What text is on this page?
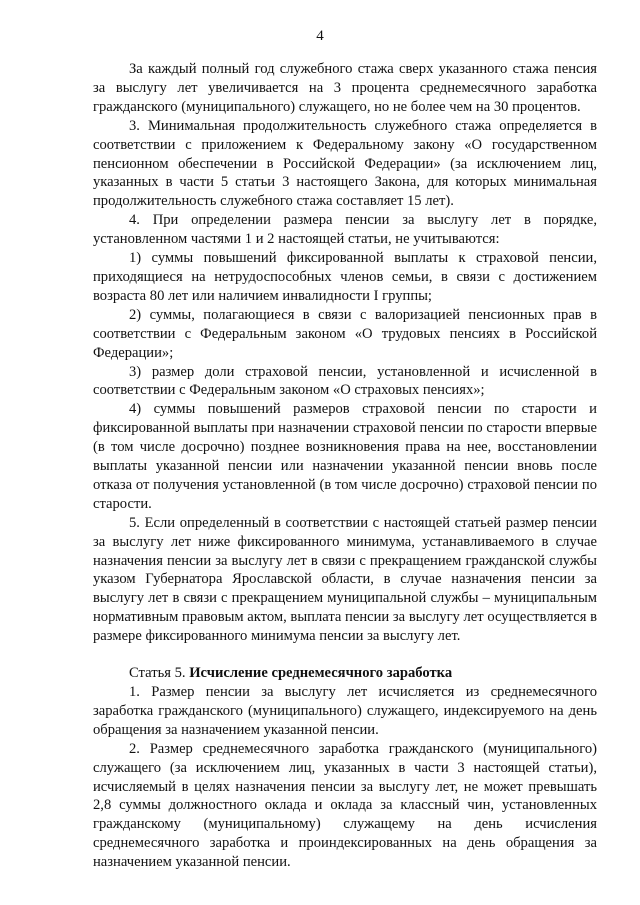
4

За каждый полный год служебного стажа сверх указанного стажа пенсия за выслугу лет увеличивается на 3 процента среднемесячного заработка гражданского (муниципального) служащего, но не более чем на 30 процентов.

3. Минимальная продолжительность служебного стажа определяется в соответствии с приложением к Федеральному закону «О государственном пенсионном обеспечении в Российской Федерации» (за исключением лиц, указанных в части 5 статьи 3 настоящего Закона, для которых минимальная продолжительность служебного стажа составляет 15 лет).

4. При определении размера пенсии за выслугу лет в порядке, установленном частями 1 и 2 настоящей статьи, не учитываются:

1) суммы повышений фиксированной выплаты к страховой пенсии, приходящиеся на нетрудоспособных членов семьи, в связи с достижением возраста 80 лет или наличием инвалидности I группы;

2) суммы, полагающиеся в связи с валоризацией пенсионных прав в соответствии с Федеральным законом «О трудовых пенсиях в Российской Федерации»;

3) размер доли страховой пенсии, установленной и исчисленной в соответствии с Федеральным законом «О страховых пенсиях»;

4) суммы повышений размеров страховой пенсии по старости и фиксированной выплаты при назначении страховой пенсии по старости впервые (в том числе досрочно) позднее возникновения права на нее, восстановлении выплаты указанной пенсии или назначении указанной пенсии вновь после отказа от получения установленной (в том числе досрочно) страховой пенсии по старости.

5. Если определенный в соответствии с настоящей статьей размер пенсии за выслугу лет ниже фиксированного минимума, устанавливаемого в случае назначения пенсии за выслугу лет в связи с прекращением гражданской службы указом Губернатора Ярославской области, в случае назначения пенсии за выслугу лет в связи с прекращением муниципальной службы – муниципальным нормативным правовым актом, выплата пенсии за выслугу лет осуществляется в размере фиксированного минимума пенсии за выслугу лет.

Статья 5. Исчисление среднемесячного заработка

1. Размер пенсии за выслугу лет исчисляется из среднемесячного заработка гражданского (муниципального) служащего, индексируемого на день обращения за назначением указанной пенсии.

2. Размер среднемесячного заработка гражданского (муниципального) служащего (за исключением лиц, указанных в части 3 настоящей статьи), исчисляемый в целях назначения пенсии за выслугу лет, не может превышать 2,8 суммы должностного оклада и оклада за классный чин, установленных гражданскому (муниципальному) служащему на день исчисления среднемесячного заработка и проиндексированных на день обращения за назначением указанной пенсии.
